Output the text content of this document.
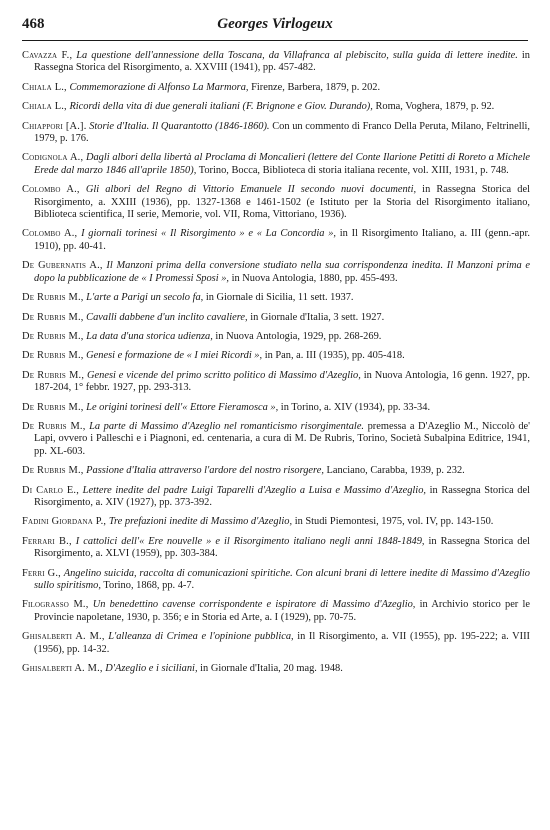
468	Georges Virlogeux

Cavazza F., La questione dell'annessione della Toscana, da Villafranca al plebiscito, sulla guida di lettere inedite. in Rassegna Storica del Risorgimento, a. XXVIII (1941), pp. 457-482.

Chiala L., Commemorazione di Alfonso La Marmora, Firenze, Barbera, 1879, p. 202.

Chiala L., Ricordi della vita di due generali italiani (F. Brignone e Giov. Durando), Roma, Voghera, 1879, p. 92.

Chiappori [A.]. Storie d'Italia. Il Quarantotto (1846-1860). Con un commento di Franco Della Peruta, Milano, Feltrinelli, 1979, p. 176.

Codignola A., Dagli albori della libertà al Proclama di Moncalieri (lettere del Conte Ilarione Petitti di Roreto a Michele Erede dal marzo 1846 all'aprile 1850), Torino, Bocca, Biblioteca di storia italiana recente, vol. XIII, 1931, p. 748.

Colombo A., Gli albori del Regno di Vittorio Emanuele II secondo nuovi documenti, in Rassegna Storica del Risorgimento, a. XXIII (1936), pp. 1327-1368 e 1461-1502 (e Istituto per la Storia del Risorgimento italiano, Biblioteca scientifica, II serie, Memorie, vol. VII, Roma, Vittoriano, 1936).

Colombo A., I giornali torinesi « Il Risorgimento » e « La Concordia », in Il Risorgimento Italiano, a. III (genn.-apr. 1910), pp. 40-41.

De Gubernatis A., Il Manzoni prima della conversione studiato nella sua corrispondenza inedita. Il Manzoni prima e dopo la pubblicazione de « I Promessi Sposi », in Nuova Antologia, 1880, pp. 455-493.

De Rubris M., L'arte a Parigi un secolo fa, in Giornale di Sicilia, 11 sett. 1937.

De Rubris M., Cavalli dabbene d'un inclito cavaliere, in Giornale d'Italia, 3 sett. 1927.

De Rubris M., La data d'una storica udienza, in Nuova Antologia, 1929, pp. 268-269.

De Rubris M., Genesi e formazione de « I miei Ricordi », in Pan, a. III (1935), pp. 405-418.

De Rubris M., Genesi e vicende del primo scritto politico di Massimo d'Azeglio, in Nuova Antologia, 16 genn. 1927, pp. 187-204, 1° febbr. 1927, pp. 293-313.

De Rubris M., Le origini torinesi dell'« Ettore Fieramosca », in Torino, a. XIV (1934), pp. 33-34.

De Rubris M., La parte di Massimo d'Azeglio nel romanticismo risorgimentale. premessa a D'Azeglio M., Niccolò de' Lapi, ovvero i Palleschi e i Piagnoni, ed. centenaria, a cura di M. De Rubris, Torino, Società Subalpina Editrice, 1941, pp. XL-603.

De Rubris M., Passione d'Italia attraverso l'ardore del nostro risorgere, Lanciano, Carabba, 1939, p. 232.

Di Carlo E., Lettere inedite del padre Luigi Taparelli d'Azeglio a Luisa e Massimo d'Azeglio, in Rassegna Storica del Risorgimento, a. XIV (1927), pp. 373-392.

Fadini Giordana P., Tre prefazioni inedite di Massimo d'Azeglio, in Studi Piemontesi, 1975, vol. IV, pp. 143-150.

Ferrari B., I cattolici dell'« Ere nouvelle » e il Risorgimento italiano negli anni 1848-1849, in Rassegna Storica del Risorgimento, a. XLVI (1959), pp. 303-384.

Ferri G., Angelino suicida, raccolta di comunicazioni spiritiche. Con alcuni brani di lettere inedite di Massimo d'Azeglio sullo spiritismo, Torino, 1868, pp. 4-7.

Filograsso M., Un benedettino cavense corrispondente e ispiratore di Massimo d'Azeglio, in Archivio storico per le Provincie napoletane, 1930, p. 356; e in Storia ed Arte, a. I (1929), pp. 70-75.

Ghisalberti A. M., L'alleanza di Crimea e l'opinione pubblica, in Il Risorgimento, a. VII (1955), pp. 195-222; a. VIII (1956), pp. 14-32.

Ghisalberti A. M., D'Azeglio e i siciliani, in Giornale d'Italia, 20 mag. 1948.
